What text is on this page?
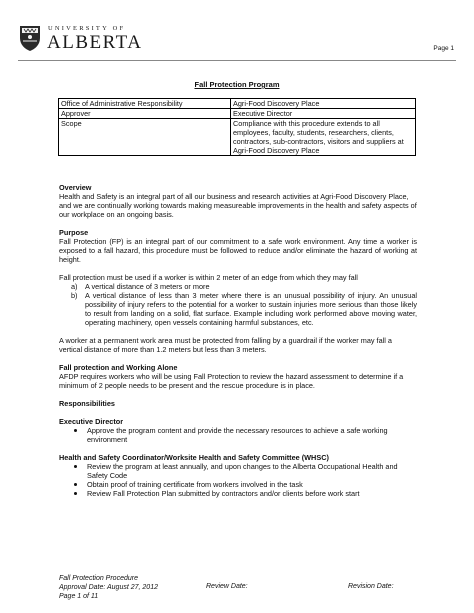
UNIVERSITY OF
ALBERTA	Page 1
Fall Protection Program
Office of Administrative Responsibility	Agri-Food Discovery Place
Approver	Executive Director
Scope	Compliance with this procedure extends to all employees, faculty, students, researchers, clients, contractors, sub-contractors, visitors and suppliers at Agri-Food Discovery Place

Overview

Health and Safety is an integral part of all our business and research activities at Agri-Food Discovery Place, and we are continually working towards making measureable improvements in the health and safety aspects of our workplace on an ongoing basis.

Purpose

Fall Protection (FP) is an integral part of our commitment to a safe work environment. Any time a worker is exposed to a fall hazard, this procedure must be followed to reduce and/or eliminate the hazard of working at height.

Fall protection must be used if a worker is within 2 meter of an edge from which they may fall

a) A vertical distance of 3 meters or more
b) A vertical distance of less than 3 meter where there is an unusual possibility of injury. An unusual possibility of injury refers to the potential for a worker to sustain injuries more serious than those likely to result from landing on a solid, flat surface. Example including work performed above moving water, operating machinery, open vessels containing harmful substances, etc.

A worker at a permanent work area must be protected from falling by a guardrail if the worker may fall a vertical distance of more than 1.2 meters but less than 3 meters.

Fall protection and Working Alone

AFDP requires workers who will be using Fall Protection to review the hazard assessment to determine if a minimum of 2 people needs to be present and the rescue procedure is in place.

Responsibilities

Executive Director

Approve the program content and provide the necessary resources to achieve a safe working environment

Health and Safety Coordinator/Worksite Health and Safety Committee (WHSC)

Review the program at least annually, and upon changes to the Alberta Occupational Health and Safety Code
Obtain proof of training certificate from workers involved in the task
Review Fall Protection Plan submitted by contractors and/or clients before work start
Fall Protection Procedure
Approval Date: August 27, 2012
Page 1 of 11
Review Date:	Revision Date:
